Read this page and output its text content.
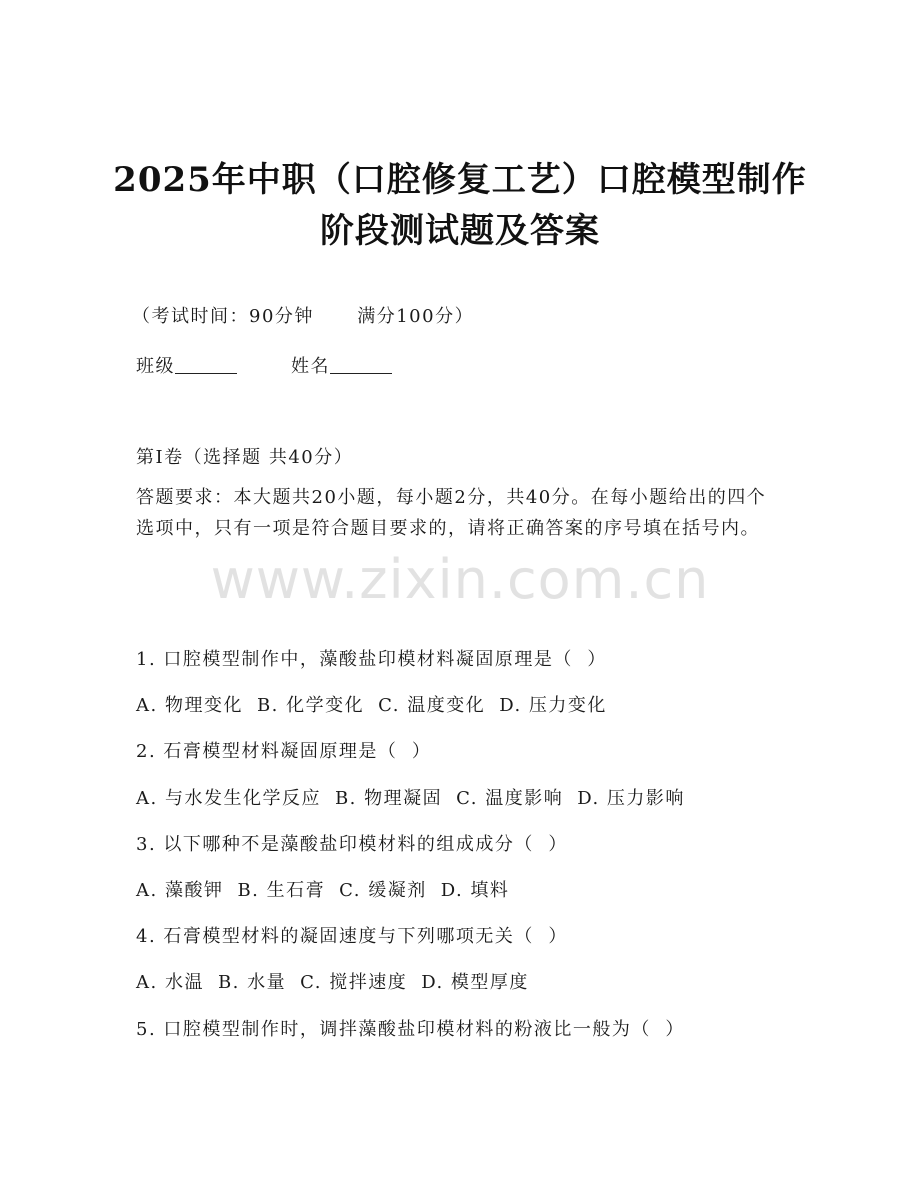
2025年中职（口腔修复工艺）口腔模型制作
阶段测试题及答案
（考试时间：90分钟      满分100分）
班级	姓名
第I卷（选择题 共40分）
答题要求：本大题共20小题，每小题2分，共40分。在每小题给出的四个选项中，只有一项是符合题目要求的，请将正确答案的序号填在括号内。
www.zixin.com.cn
1. 口腔模型制作中，藻酸盐印模材料凝固原理是（  ）
A. 物理变化 B. 化学变化 C. 温度变化 D. 压力变化
2. 石膏模型材料凝固原理是（  ）
A. 与水发生化学反应 B. 物理凝固 C. 温度影响 D. 压力影响
3. 以下哪种不是藻酸盐印模材料的组成成分（  ）
A. 藻酸钾 B. 生石膏 C. 缓凝剂 D. 填料
4. 石膏模型材料的凝固速度与下列哪项无关（  ）
A. 水温 B. 水量 C. 搅拌速度 D. 模型厚度
5. 口腔模型制作时，调拌藻酸盐印模材料的粉液比一般为（  ）
